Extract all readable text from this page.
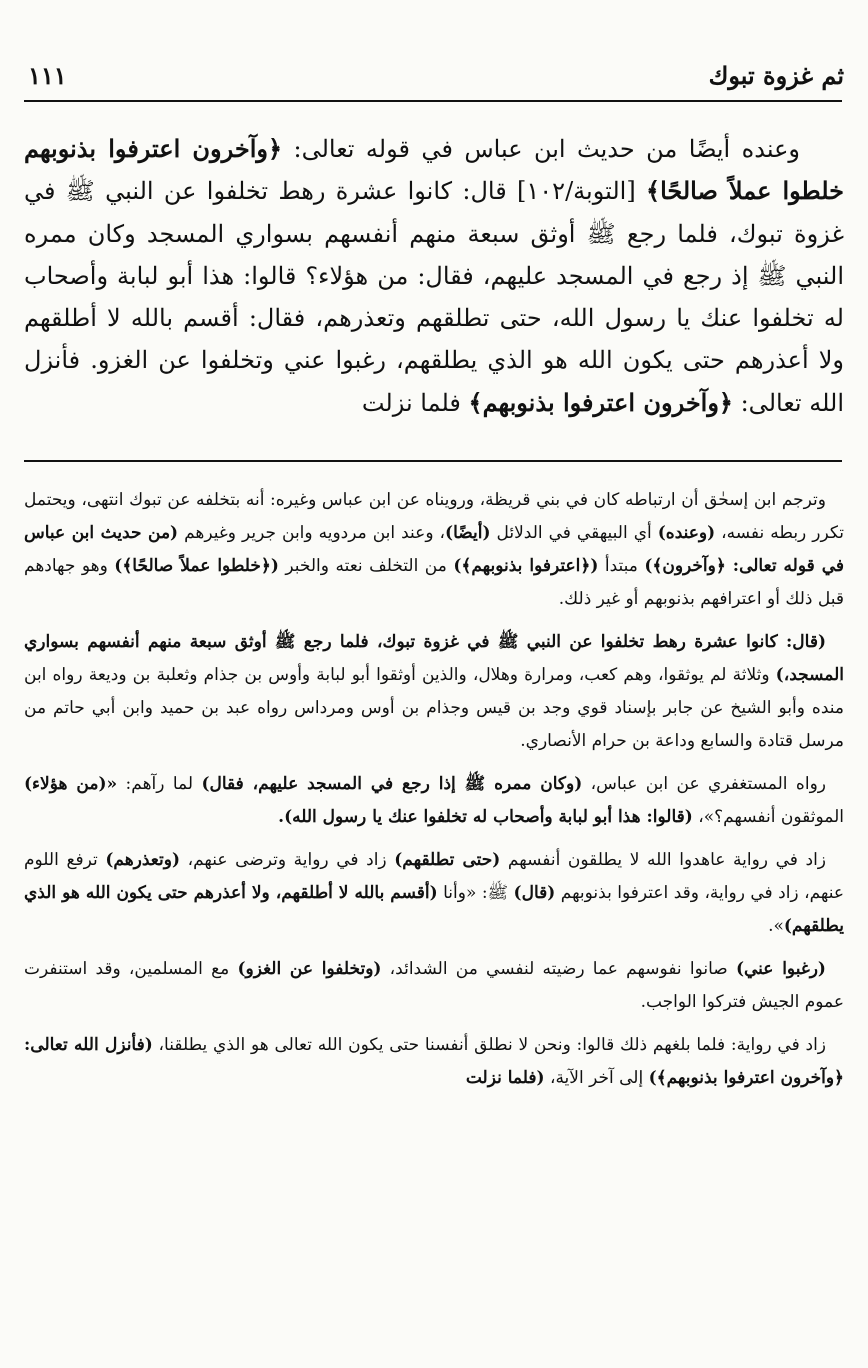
ثم غزوة تبوك
١١١

وعنده أيضًا من حديث ابن عباس في قوله تعالى: ﴿وآخرون اعترفوا بذنوبهم خلطوا عملاً صالحًا﴾ [التوبة/١٠٢] قال: كانوا عشرة رهط تخلفوا عن النبي ﷺ في غزوة تبوك، فلما رجع ﷺ أوثق سبعة منهم أنفسهم بسواري المسجد وكان ممره النبي ﷺ إذ رجع في المسجد عليهم، فقال: من هؤلاء؟ قالوا: هذا أبو لبابة وأصحاب له تخلفوا عنك يا رسول الله، حتى تطلقهم وتعذرهم، فقال: أقسم بالله لا أطلقهم ولا أعذرهم حتى يكون الله هو الذي يطلقهم، رغبوا عني وتخلفوا عن الغزو. فأنزل الله تعالى: ﴿وآخرون اعترفوا بذنوبهم﴾ فلما نزلت

وترجم ابن إسحٰق أن ارتباطه كان في بني قريظة، ورويناه عن ابن عباس وغيره: أنه بتخلفه عن تبوك انتهى، ويحتمل تكرر ربطه نفسه، (وعنده) أي البيهقي في الدلائل (أيضًا)، وعند ابن مردويه وابن جرير وغيرهم (من حديث ابن عباس في قوله تعالى: ﴿وآخرون﴾) مبتدأ (﴿اعترفوا بذنوبهم﴾) من التخلف نعته والخبر (﴿خلطوا عملاً صالحًا﴾) وهو جهادهم قبل ذلك أو اعترافهم بذنوبهم أو غير ذلك.

(قال: كانوا عشرة رهط تخلفوا عن النبي ﷺ في غزوة تبوك، فلما رجع ﷺ أوثق سبعة منهم أنفسهم بسواري المسجد،) وثلاثة لم يوثقوا، وهم كعب، ومرارة وهلال، والذين أوثقوا أبو لبابة وأوس بن جذام وثعلبة بن وديعة رواه ابن منده وأبو الشيخ عن جابر بإسناد قوي وجد بن قيس وجذام بن أوس ومرداس رواه عبد بن حميد وابن أبي حاتم من مرسل قتادة والسابع وداعة بن حرام الأنصاري.

رواه المستغفري عن ابن عباس، (وكان ممره ﷺ إذا رجع في المسجد عليهم، فقال) لما رآهم: «(من هؤلاء) الموثقون أنفسهم؟»، (قالوا: هذا أبو لبابة وأصحاب له تخلفوا عنك يا رسول الله).

زاد في رواية عاهدوا الله لا يطلقون أنفسهم (حتى تطلقهم) زاد في رواية وترضى عنهم، (وتعذرهم) ترفع اللوم عنهم، زاد في رواية، وقد اعترفوا بذنوبهم (قال) ﷺ: «وأنا (أقسم بالله لا أطلقهم، ولا أعذرهم حتى يكون الله هو الذي يطلقهم)».

(رغبوا عني) صانوا نفوسهم عما رضيته لنفسي من الشدائد، (وتخلفوا عن الغزو) مع المسلمين، وقد استنفرت عموم الجيش فتركوا الواجب.

زاد في رواية: فلما بلغهم ذلك قالوا: ونحن لا نطلق أنفسنا حتى يكون الله تعالى هو الذي يطلقنا، (فأنزل الله تعالى: ﴿وآخرون اعترفوا بذنوبهم﴾) إلى آخر الآية، (فلما نزلت
